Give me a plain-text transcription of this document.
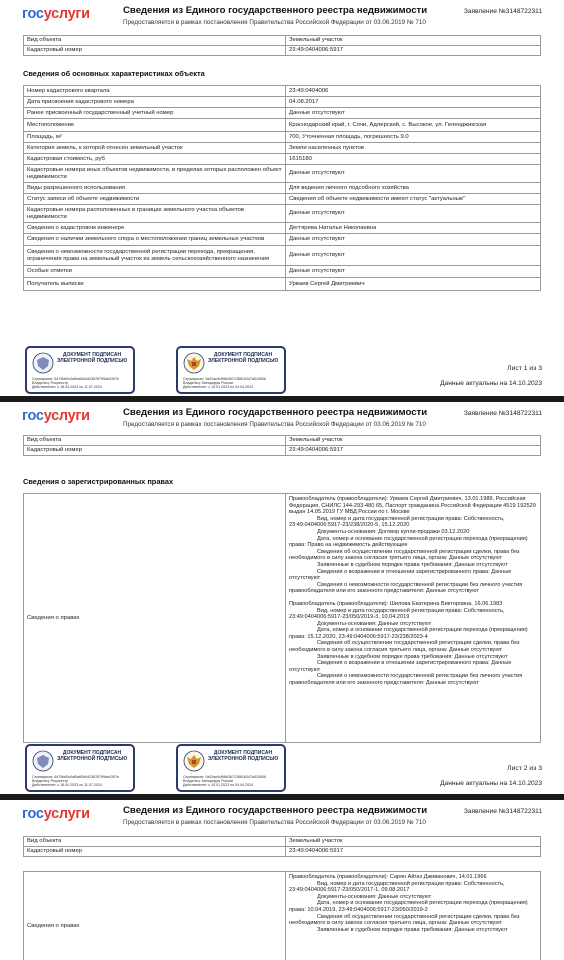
госуслуги	Сведения из Единого государственного реестра недвижимости
Предоставляется в рамках постановления Правительства Российской Федерации от 03.06.2019 № 710
Заявление №3148722311
Вид объекта	Земельный участок
Кадастровый номер	23:49:0404006:5917
Сведения об основных характеристиках объекта
Номер кадастрового квартала	23:49:0404006
Дата присвоения кадастрового номера	04.08.2017
Ранее присвоенный государственный учетный номер	Данные отсутствуют
Местоположение	Краснодарский край, г. Сочи, Адлерский, с. Высокое, ул. Геленджикская
Площадь, м²	700, Уточненная площадь, погрешность 9.0
Категория земель, к которой отнесен земельный участок	Земли населенных пунктов
Кадастровая стоимость, руб	1615180
Кадастровые номера иных объектов недвижимости, в пределах которых расположен объект недвижимости	Данные отсутствуют
Виды разрешенного использования	Для ведения личного подсобного хозяйства
Статус записи об объекте недвижимости	Сведения об объекте недвижимости имеют статус "актуальные"
Кадастровые номера расположенных в границах земельного участка объектов недвижимости	Данные отсутствуют
Сведения о кадастровом инженере	Дегтярева Наталья Николаевна
Сведения о наличии земельного спора о местоположении границ земельных участков	Данные отсутствуют
Сведения о невозможности государственной регистрации перехода, прекращения, ограничения права на земельный участок из земель сельскохозяйственного назначения	Данные отсутствуют
Особые отметки	Данные отсутствуют
Получатель выписки	Урваев Сергей Дмитриевич
ДОКУМЕНТ ПОДПИСАН ЭЛЕКТРОННОЙ ПОДПИСЬЮ
Сертификат: 6479b60c0af5a60b0d23878799ab4397e
Владелец: Росреестр
Действителен: с 18.04.2023 по 11.07.2024
ДОКУМЕНТ ПОДПИСАН ЭЛЕКТРОННОЙ ПОДПИСЬЮ
Сертификат: 0a20ac9cf66b367138816347a515506
Владелец: Минцифры России
Действителен: с 10.01.2023 по 04.04.2024
Лист 1 из 3
Данные актуальны на 14.10.2023
госуслуги	Сведения из Единого государственного реестра недвижимости
Предоставляется в рамках постановления Правительства Российской Федерации от 03.06.2019 № 710
Заявление №3148722311
Вид объекта	Земельный участок
Кадастровый номер	23:49:0404006:5917
Сведения о зарегистрированных правах
Сведения о правах	

Правообладатель (правообладатели): Урваев Сергей Дмитриевич, 13.01.1989, Российская Федерация, СНИЛС 144-293-480 65, Паспорт гражданина Российской Федерации 4519 192529 выдан 14.05.2019 ГУ МВД России по г. Москве

Вид, номер и дата государственной регистрации права: Собственность, 23:49:0404006:5917-23/238/2020-5, 15.12.2020

Документы-основания: Договор купли-продажи 03.12.2020

Дата, номер и основание государственной регистрации перехода (прекращения) права: Право на недвижимость действующее

Сведения об осуществлении государственной регистрации сделки, права без необходимого в силу закона согласия третьего лица, органа: Данные отсутствуют

Заявленные в судебном порядке права требования: Данные отсутствуют

Сведения о возражении в отношении зарегистрированного права: Данные отсутствуют

Сведения о невозможности государственной регистрации без личного участия правообладателя или его законного представителя: Данные отсутствуют

Правообладатель (правообладатели): Шилова Екатерина Викторовна, 16.06.1983

Вид, номер и дата государственной регистрации права: Собственность, 23:49:0404006:5917-23/050/2019-3, 10.04.2019

Документы-основания: Данные отсутствуют

Дата, номер и основание государственной регистрации перехода (прекращения) права: 15.12.2020, 23:49:0404006:5917-23/238/2023-4

Сведения об осуществлении государственной регистрации сделки, права без необходимого в силу закона согласия третьего лица, органа: Данные отсутствуют

Заявленные в судебном порядке права требования: Данные отсутствуют

Сведения о возражении в отношении зарегистрированного права: Данные отсутствуют

Сведения о невозможности государственной регистрации без личного участия правообладателя или его законного представителя: Данные отсутствуют

ДОКУМЕНТ ПОДПИСАН ЭЛЕКТРОННОЙ ПОДПИСЬЮ
Сертификат: 6479b60c0af5a60b0d23878799ab4397e
Владелец: Росреестр
Действителен: с 18.04.2023 по 11.07.2024
ДОКУМЕНТ ПОДПИСАН ЭЛЕКТРОННОЙ ПОДПИСЬЮ
Сертификат: 0a20ac9cf66b367138816347a515506
Владелец: Минцифры России
Действителен: с 10.01.2023 по 04.04.2024
Лист 2 из 3
Данные актуальны на 14.10.2023
госуслуги	Сведения из Единого государственного реестра недвижимости
Предоставляется в рамках постановления Правительства Российской Федерации от 03.06.2019 № 710
Заявление №3148722311
Вид объекта	Земельный участок
Кадастровый номер	23:49:0404006:5917
Сведения о правах	

Правообладатель (правообладатели): Сарян Айгаз Дживанович, 14.01.1966

Вид, номер и дата государственной регистрации права: Собственность, 23:49:0404006:5917-23/050/2017-1, 09.08.2017

Документы-основания: Данные отсутствуют

Дата, номер и основание государственной регистрации перехода (прекращения) права: 10.04.2019, 23:49:0404006:5917-23/050/2019-2

Сведения об осуществлении государственной регистрации сделки, права без необходимого в силу закона согласия третьего лица, органа: Данные отсутствуют

Заявленные в судебном порядке права требования: Данные отсутствуют
